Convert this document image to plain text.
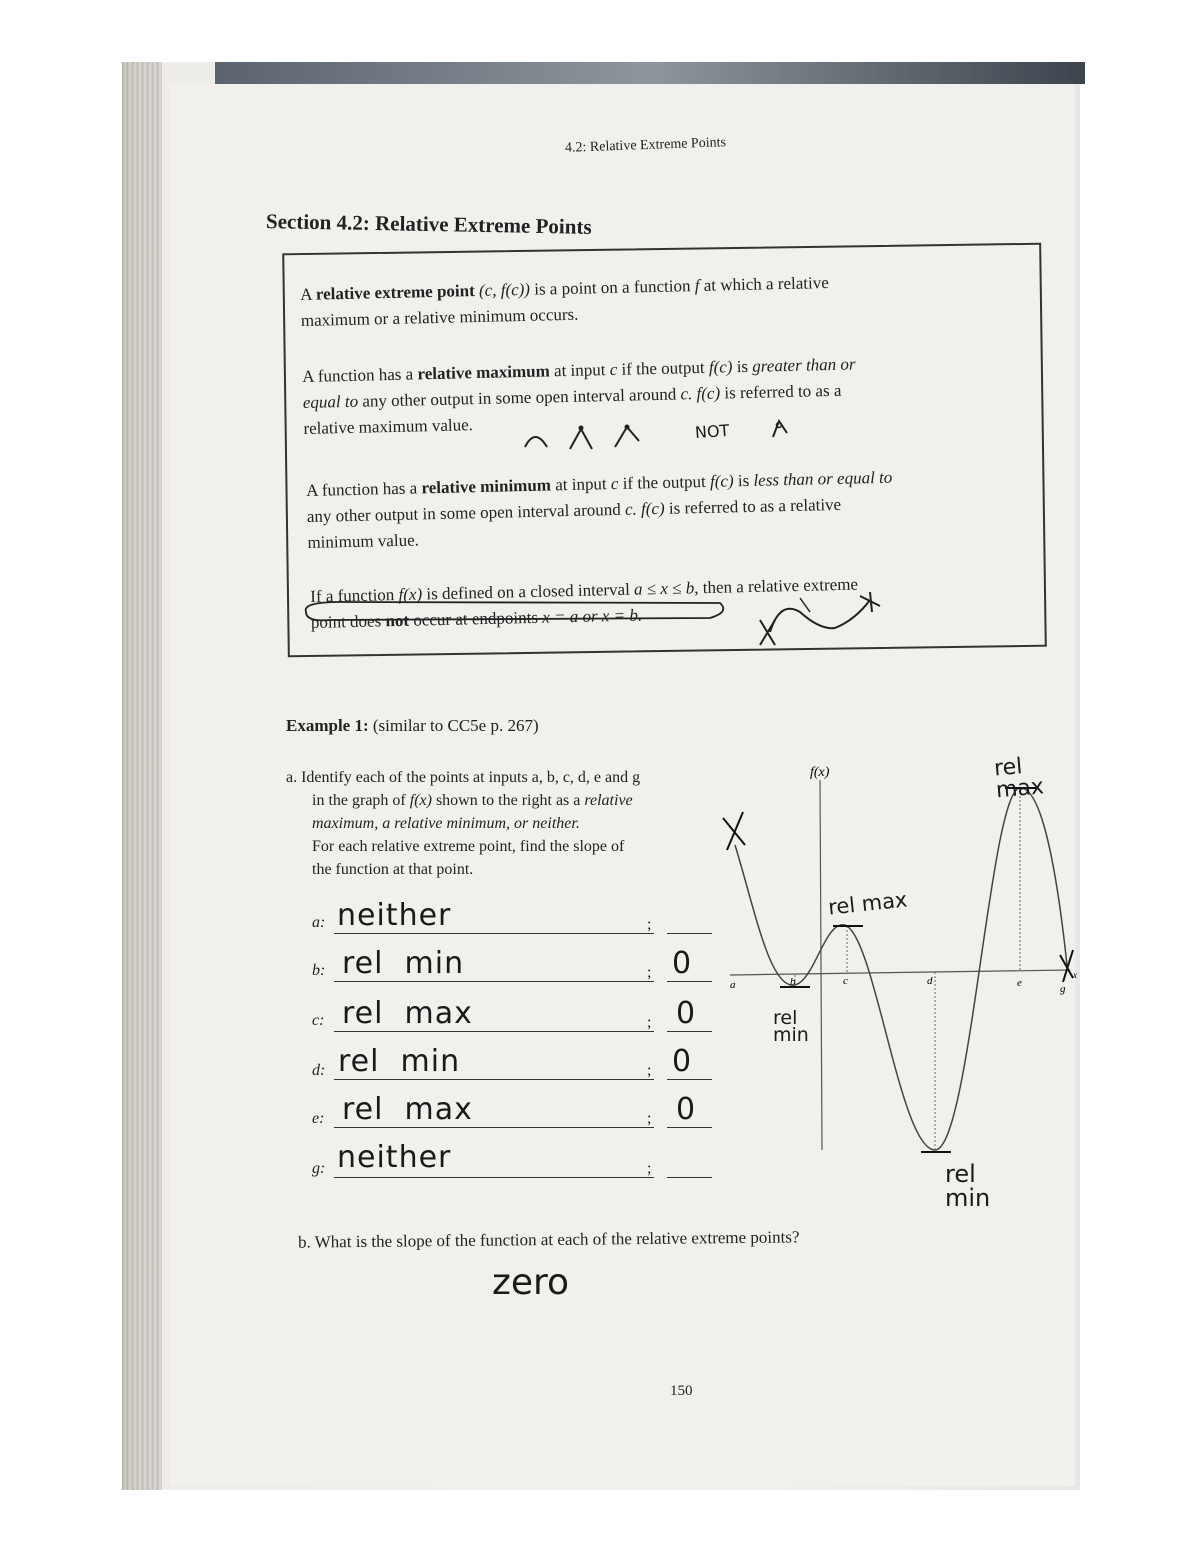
4.2: Relative Extreme Points
Section 4.2: Relative Extreme Points
A relative extreme point (c, f(c)) is a point on a function f at which a relative
maximum or a relative minimum occurs.
A function has a relative maximum at input c if the output f(c) is greater than or
equal to any other output in some open interval around c. f(c) is referred to as a
relative maximum value.	NOT
A function has a relative minimum at input c if the output f(c) is less than or equal to
any other output in some open interval around c. f(c) is referred to as a relative
minimum value.
If a function f(x) is defined on a closed interval a ≤ x ≤ b, then a relative extreme
point does not occur at endpoints x = a or x = b.
Example 1: (similar to CC5e p. 267)
a. Identify each of the points at inputs a, b, c, d, e and g
in the graph of f(x) shown to the right as a relative
maximum, a relative minimum, or neither.
For each relative extreme point, find the slope of
the function at that point.
a: neither	;
b: rel  min	; 0
c: rel  max	; 0
d: rel  min	; 0
e: rel  max	; 0
g: neither	;
f(x)
x
a	b	c	d	e	g
rel min
rel max
rel min
rel max
b. What is the slope of the function at each of the relative extreme points?
zero
150
